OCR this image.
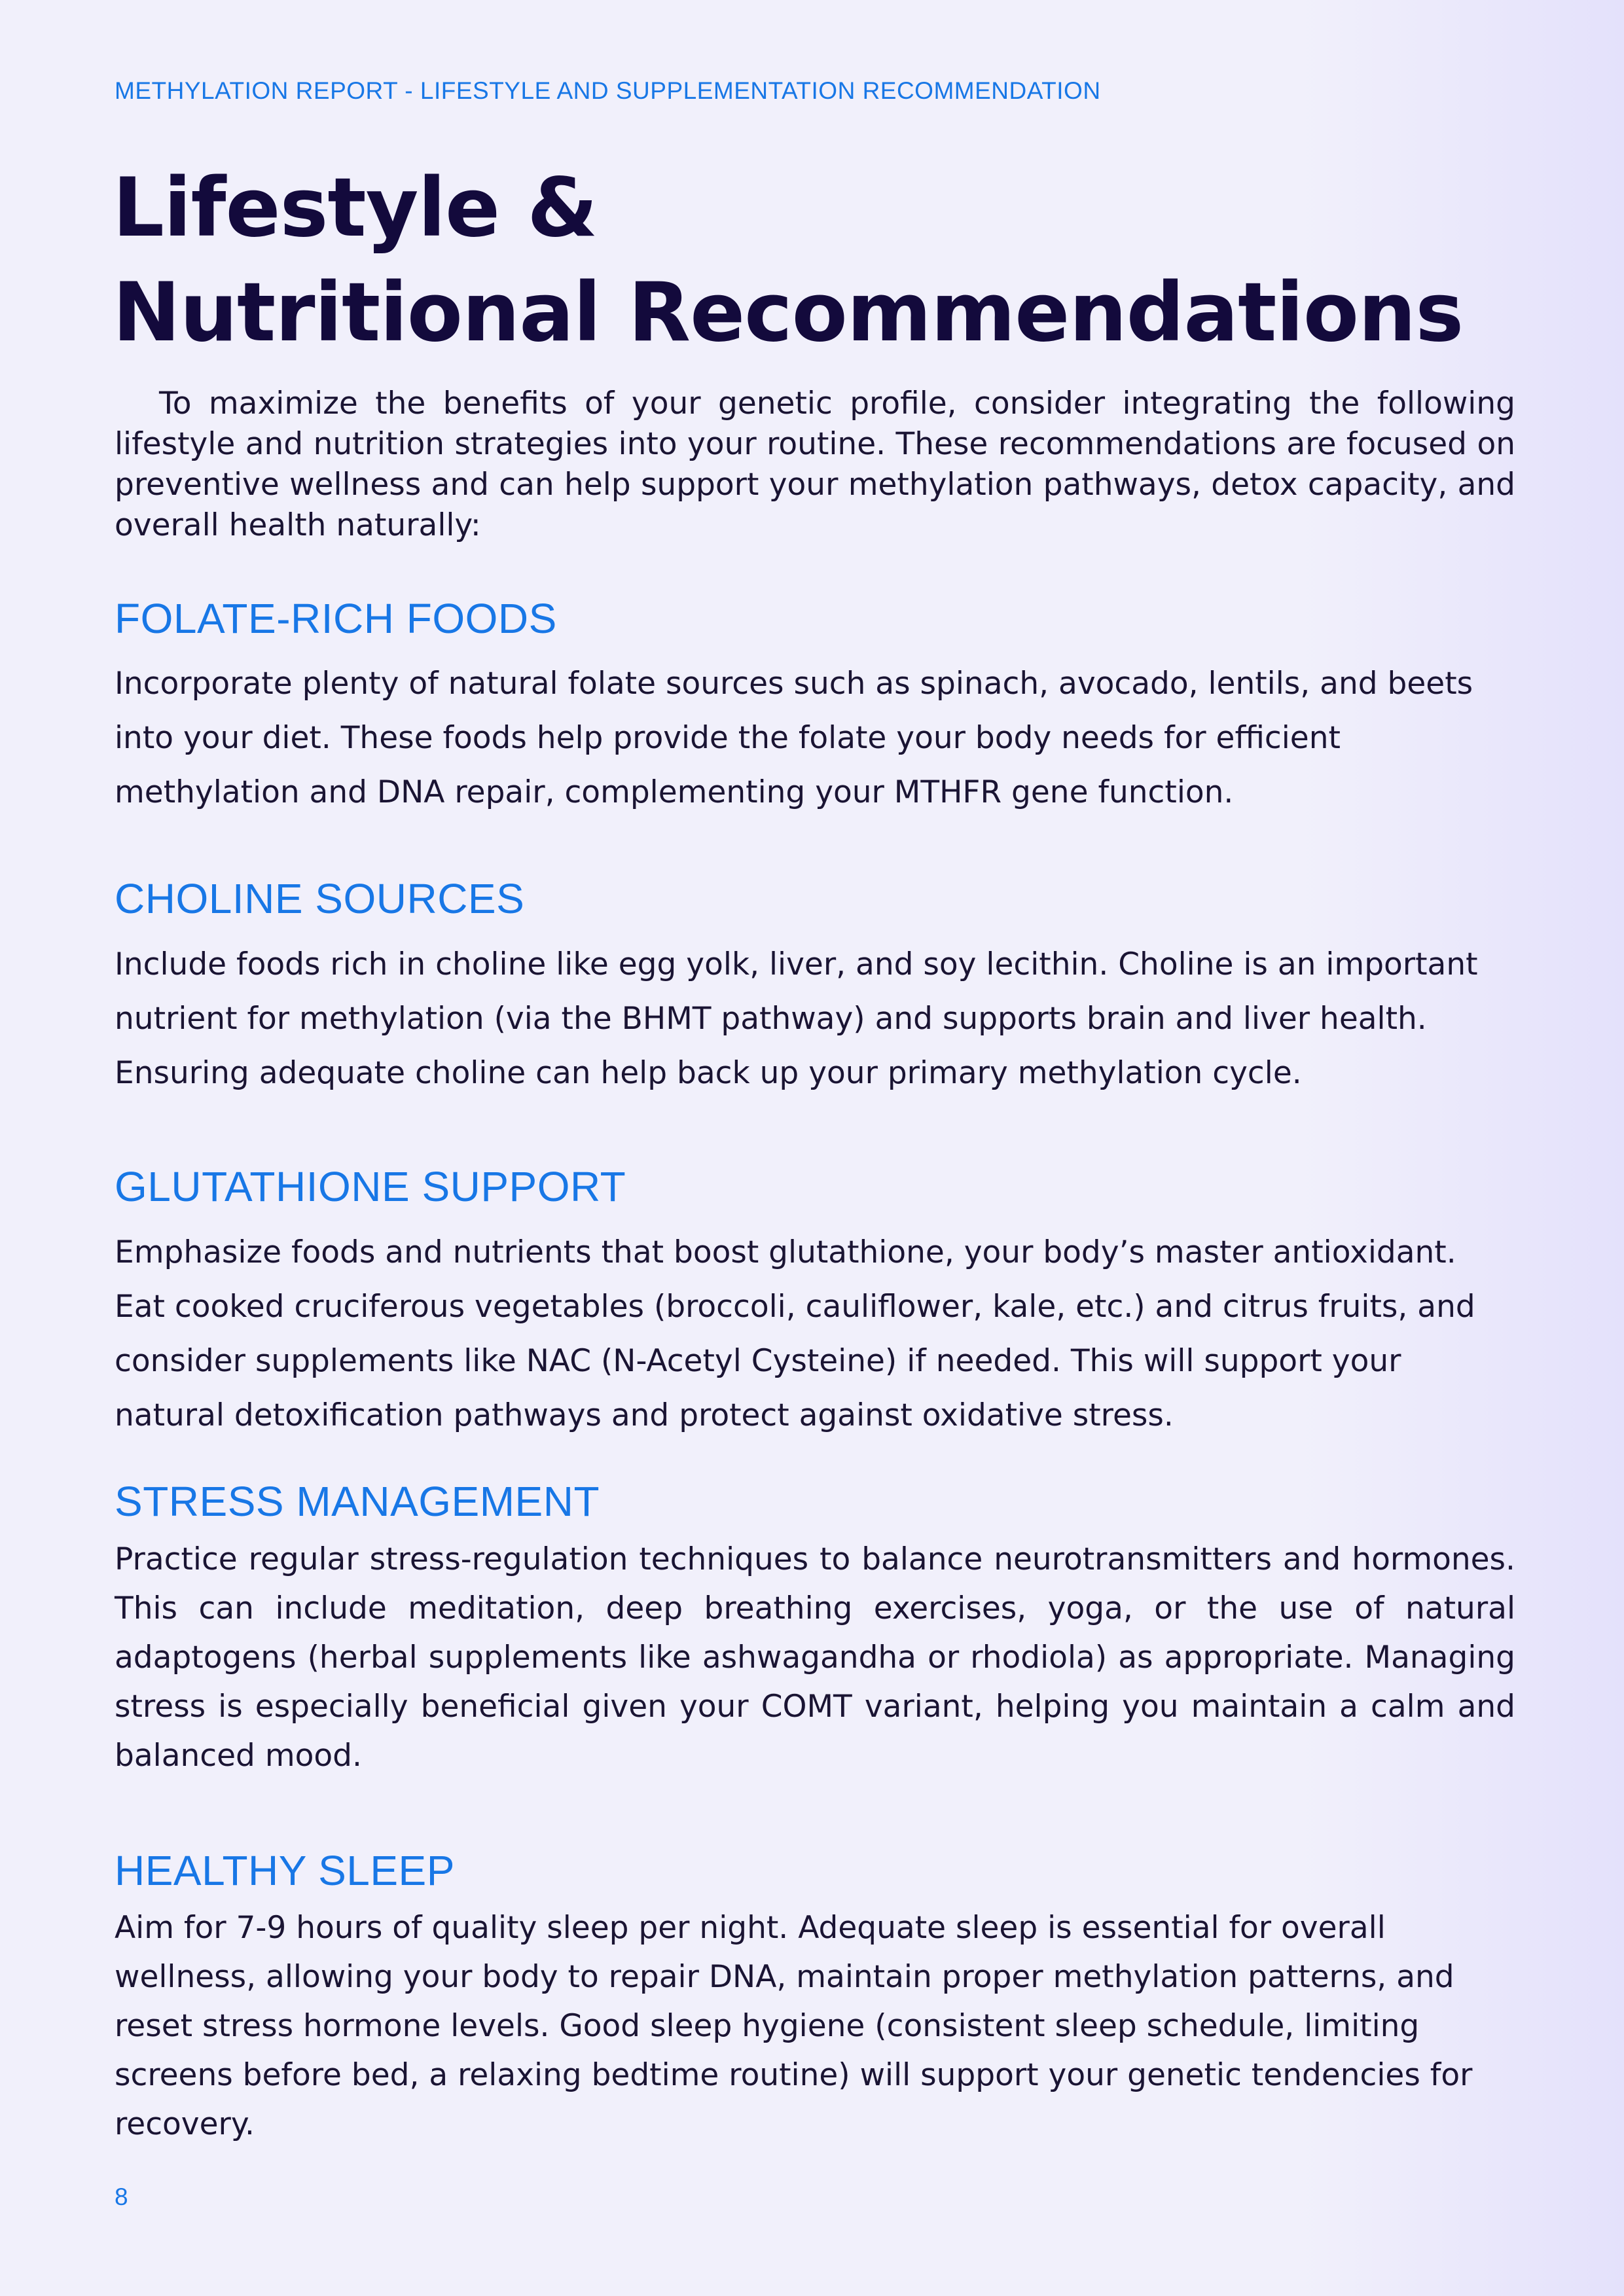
METHYLATION REPORT - LIFESTYLE AND SUPPLEMENTATION RECOMMENDATION
Lifestyle &
Nutritional Recommendations

To maximize the benefits of your genetic profile, consider integrating the following lifestyle and nutrition strategies into your routine. These recommendations are focused on preventive wellness and can help support your methylation pathways, detox capacity, and overall health naturally:

FOLATE-RICH FOODS

Incorporate plenty of natural folate sources such as spinach, avocado, lentils, and beets into your diet. These foods help provide the folate your body needs for efficient methylation and DNA repair, complementing your MTHFR gene function.

CHOLINE SOURCES

Include foods rich in choline like egg yolk, liver, and soy lecithin. Choline is an important nutrient for methylation (via the BHMT pathway) and supports brain and liver health. Ensuring adequate choline can help back up your primary methylation cycle.

GLUTATHIONE SUPPORT

Emphasize foods and nutrients that boost glutathione, your body’s master antioxidant. Eat cooked cruciferous vegetables (broccoli, cauliflower, kale, etc.) and citrus fruits, and consider supplements like NAC (N-Acetyl Cysteine) if needed. This will support your natural detoxification pathways and protect against oxidative stress.

STRESS MANAGEMENT

Practice regular stress-regulation techniques to balance neurotransmitters and hormones. This can include meditation, deep breathing exercises, yoga, or the use of natural adaptogens (herbal supplements like ashwagandha or rhodiola) as appropriate. Managing stress is especially beneficial given your COMT variant, helping you maintain a calm and balanced mood.

HEALTHY SLEEP

Aim for 7-9 hours of quality sleep per night. Adequate sleep is essential for overall wellness, allowing your body to repair DNA, maintain proper methylation patterns, and reset stress hormone levels. Good sleep hygiene (consistent sleep schedule, limiting screens before bed, a relaxing bedtime routine) will support your genetic tendencies for recovery.

8
